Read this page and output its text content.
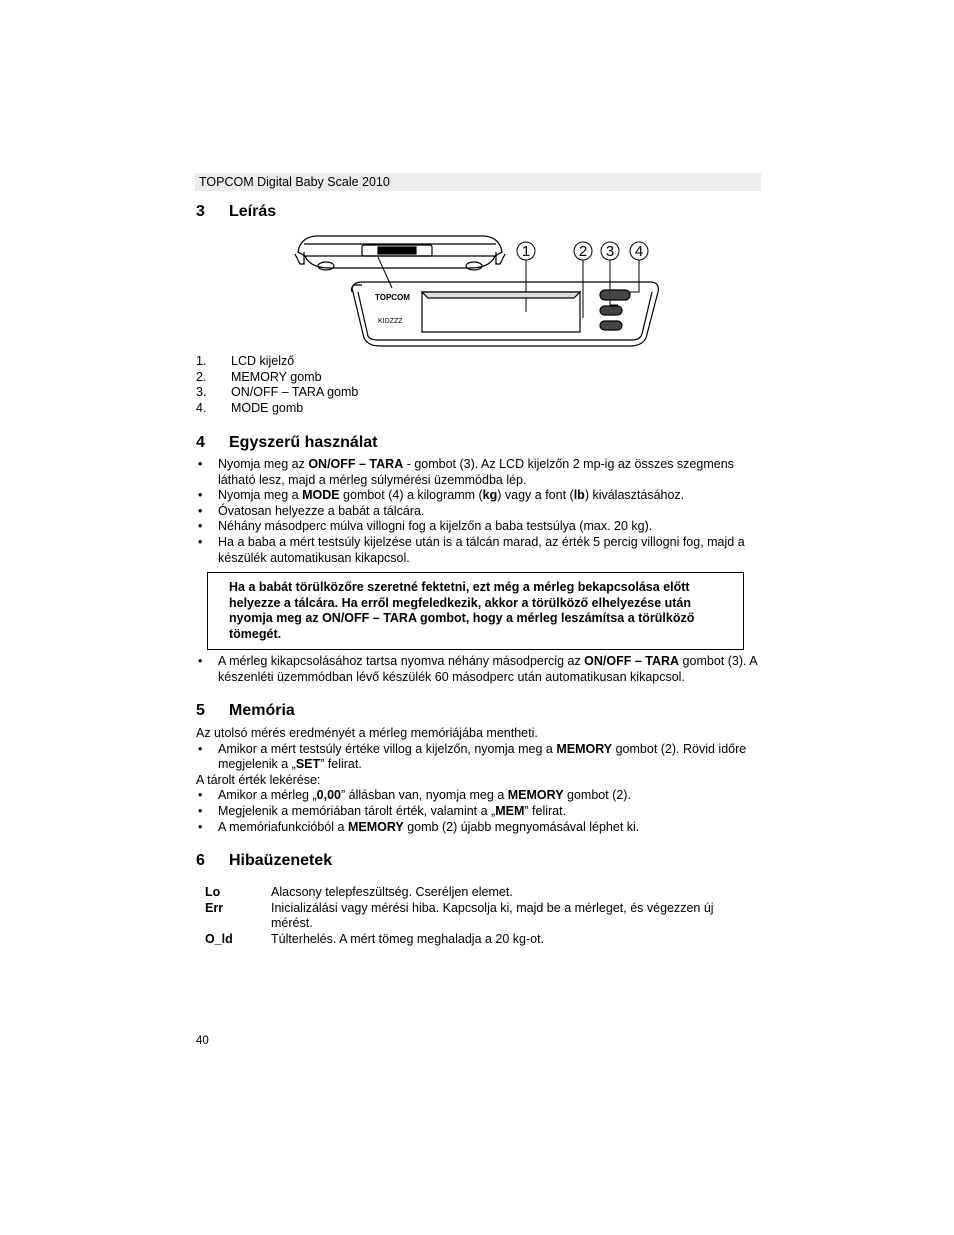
TOPCOM Digital Baby Scale 2010
3 Leírás
TOPCOM
KIDZZZ
1	2 3 4
1. LCD kijelző
2. MEMORY gomb
3. ON/OFF – TARA gomb
4. MODE gomb
4 Egyszerű használat
• Nyomja meg az ON/OFF – TARA - gombot (3). Az LCD kijelzőn 2 mp-ig az összes szegmens látható lesz, majd a mérleg súlymérési üzemmódba lép.
• Nyomja meg a MODE gombot (4) a kilogramm (kg) vagy a font (lb) kiválasztásához.
• Óvatosan helyezze a babát a tálcára.
• Néhány másodperc múlva villogni fog a kijelzőn a baba testsúlya (max. 20 kg).
• Ha a baba a mért testsúly kijelzése után is a tálcán marad, az érték 5 percig villogni fog, majd a készülék automatikusan kikapcsol.
Ha a babát törülközőre szeretné fektetni, ezt még a mérleg bekapcsolása előtt helyezze a tálcára. Ha erről megfeledkezik, akkor a törülköző elhelyezése után nyomja meg az ON/OFF – TARA gombot, hogy a mérleg leszámítsa a törülköző tömegét.
• A mérleg kikapcsolásához tartsa nyomva néhány másodpercig az ON/OFF – TARA gombot (3). A készenléti üzemmódban lévő készülék 60 másodperc után automatikusan kikapcsol.
5 Memória
Az utolsó mérés eredményét a mérleg memóriájába mentheti.
• Amikor a mért testsúly értéke villog a kijelzőn, nyomja meg a MEMORY gombot (2). Rövid időre megjelenik a „SET” felirat.
A tárolt érték lekérése:
• Amikor a mérleg „0,00” állásban van, nyomja meg a MEMORY gombot (2).
• Megjelenik a memóriában tárolt érték, valamint a „MEM” felirat.
• A memóriafunkcióból a MEMORY gomb (2) újabb megnyomásával léphet ki.
6 Hibaüzenetek
Lo	Alacsony telepfeszültség. Cseréljen elemet.
Err	Inicializálási vagy mérési hiba. Kapcsolja ki, majd be a mérleget, és végezzen új mérést.
O_ld	Túlterhelés. A mért tömeg meghaladja a 20 kg-ot.
40
